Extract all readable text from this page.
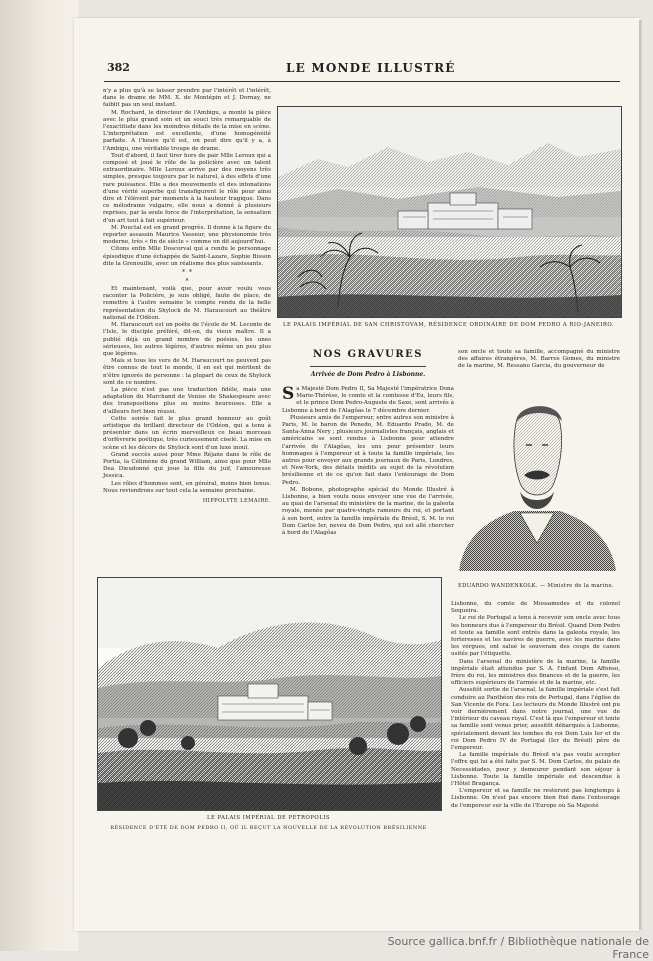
382	LE MONDE ILLUSTRÉ

n'y a plus qu'à se laisser prendre par l'intérêt et l'intérêt, dans le drame de MM. X. de Montépin et J. Dornay, ne faiblit pas un seul instant.

M. Rochard, le directeur de l'Ambigu, a monté la pièce avec le plus grand soin et un souci très remarquable de l'exactitude dans les moindres détails de la mise en scène. L'interprétation est excellente, d'une homogénéité parfaite. A l'heure qu'il est, on peut dire qu'il y a, à l'Ambigu, une véritable troupe de drame.

Tout d'abord, il faut tirer hors de pair Mlle Leroux qui a composé et joué le rôle de la policière avec un talent extraordinaire. Mlle Leroux arrive par des moyens très simples, presque toujours par le naturel, à des effets d'une rare puissance. Elle a des mouvements et des intonations d'une vérité superbe qui transfigurent le rôle pour ainsi dire et l'élèvent par moments à la hauteur tragique. Dans ce mélodrame vulgaire, elle nous a donné à plusieurs reprises, par la seule force de l'interprétation, la sensation d'un art tout à fait supérieur.

M. Pouctal est en grand progrès. Il donne à la figure du reporter assassin Maurice Vasseur, une physionomie très moderne, très « fin de siècle » comme on dit aujourd'hui.

Citons enfin Mlle Doscorval qui a rendu le personnage épisodique d'une échappée de Saint-Lazare, Sophie Bisson dite la Grenouille, avec un réalisme des plus saisissants.

*  *
*

Et maintenant, voilà que, pour avoir voulu vous raconter la Policière, je suis obligé, faute de place, de remettre à l'autre semaine le compte rendu de la belle représentation du Shylock de M. Haraucourt au théâtre national de l'Odéon.

M. Haraucourt est un poète de l'école de M. Leconte de l'Isle, le disciple préféré, dit-on, du vieux maître. Il a publié déjà un grand nombre de poésies, les unes sérieuses, les autres légères, d'autres même un peu plus que légères.

Mais si tous les vers de M. Haraucourt ne peuvent pas être connus de tout le monde, il en est qui méritent de n'être ignorés de personne : la plupart de ceux de Shylock sont de ce nombre.

La pièce n'est pas une traduction fidèle, mais une adaptation du Marchand de Venise de Shakespeare avec des transpositions plus ou moins heureuses. Elle a d'ailleurs fort bien réussi.

Cette soirée fait le plus grand honneur au goût artistique du brillant directeur de l'Odéon, qui a tenu à présenter dans un écrin merveilleux ce beau morceau d'orfèvrerie poétique, très curieusement ciselé. La mise en scène et les décors de Shylock sont d'un luxe inouï.

Grand succès aussi pour Mme Réjane dans le rôle de Portia, la Célimène du grand William, ainsi que pour Mlle Dea Dieudonné qui joue la fille du juif, l'amoureuse Jessica.

Les rôles d'hommes sont, en général, moins bien tenus. Nous reviendrons sur tout cela la semaine prochaine.

HIPPOLYTE LEMAIRE.
LE PALAIS IMPÉRIAL DE SAN CHRISTOVAM, RÉSIDENCE ORDINAIRE DE DOM PEDRO A RIO-JANEIRO.
NOS GRAVURES
Arrivée de Dom Pedro à Lisbonne.

Sa Majesté Dom Pedro II, Sa Majesté l'impératrice Dona Marie-Thérèse, le comte et la comtesse d'Eu, leurs fils, et le prince Dom Pedro-Auguste de Saxe, sont arrivés à Lisbonne à bord de l'Alagôas le 7 décembre dernier.

Plusieurs amis de l'empereur, entre autres son ministre à Paris, M. le baron de Penedo, M. Eduardo Prado, M. de Santa-Anna Nery ; plusieurs journalistes français, anglais et américains se sont rendus à Lisbonne pour attendre l'arrivée de l'Alagôas, les uns pour présenter leurs hommages à l'empereur et à toute la famille impériale, les autres pour envoyer aux grands journaux de Paris, Londres, et New-York, des détails inédits au sujet de la révolution brésilienne et de ce qu'on fait dans l'entourage de Dom Pedro.

M. Bobone, photographe spécial du Monde Illustré à Lisbonne, a bien voulu nous envoyer une vue de l'arrivée, au quai de l'arsenal du ministère de la marine, de la galeota royale, menée par quatre-vingts rameurs du roi, et portant à son bord, outre la famille impériale du Brésil, S. M. le roi Dom Carlos Ier, neveu de Dom Pedro, qui est allé chercher à bord de l'Alagôas

son oncle et toute sa famille, accompagné du ministre des affaires étrangères, M. Barros Gomes, du ministre de la marine, M. Ressano Garcia, du gouverneur de
EDUARDO WANDENKOLK. — Ministre de la marine.

Lisbonne, du comte de Mossamedes et du colonel Sequeira.

Le roi de Portugal a tenu à recevoir son oncle avec tous les honneurs dus à l'empereur du Brésil. Quand Dom Pedro et toute sa famille sont entrés dans la galeota royale, les forteresses et les navires de guerre, avec les marins dans les vergues, ont salué le souverain des coups de canon usités par l'étiquette.

Dans l'arsenal du ministère de la marine, la famille impériale était attendue par S. A. l'infant Dom Affonso, frère du roi, les ministres des finances et de la guerre, les officiers supérieurs de l'armée et de la marine, etc.

Aussitôt sortie de l'arsenal, la famille impériale s'est fait conduire au Panthéon des rois de Portugal, dans l'église de San Vicente de Fora. Les lecteurs du Monde Illustré ont pu voir dernièrement dans notre journal, une vue de l'intérieur du caveau royal. C'est là que l'empereur et toute sa famille sont venus prier, aussitôt débarqués à Lisbonne, spécialement devant les tombes du roi Dom Luis Ier et du roi Dom Pedro IV de Portugal (Ier du Brésil) père de l'empereur.

La famille impériale du Brésil n'a pas voulu accepter l'offre qui lui a été faite par S. M. Dom Carlos, du palais de Necessidades, pour y demeurer pendant son séjour à Lisbonne. Toute la famille impériale est descendue à l'Hôtel Bragança.

L'empereur et sa famille ne resteront pas longtemps à Lisbonne. On n'est pas encore bien fixé dans l'entourage de l'empereur sur la ville de l'Europe où Sa Majesté

LE PALAIS IMPÉRIAL DE PETROPOLIS
RÉSIDENCE D'ÉTÉ DE DOM PEDRO II, OÙ IL REÇUT LA NOUVELLE DE LA RÉVOLUTION BRÉSILIENNE
Source gallica.bnf.fr / Bibliothèque nationale de France
